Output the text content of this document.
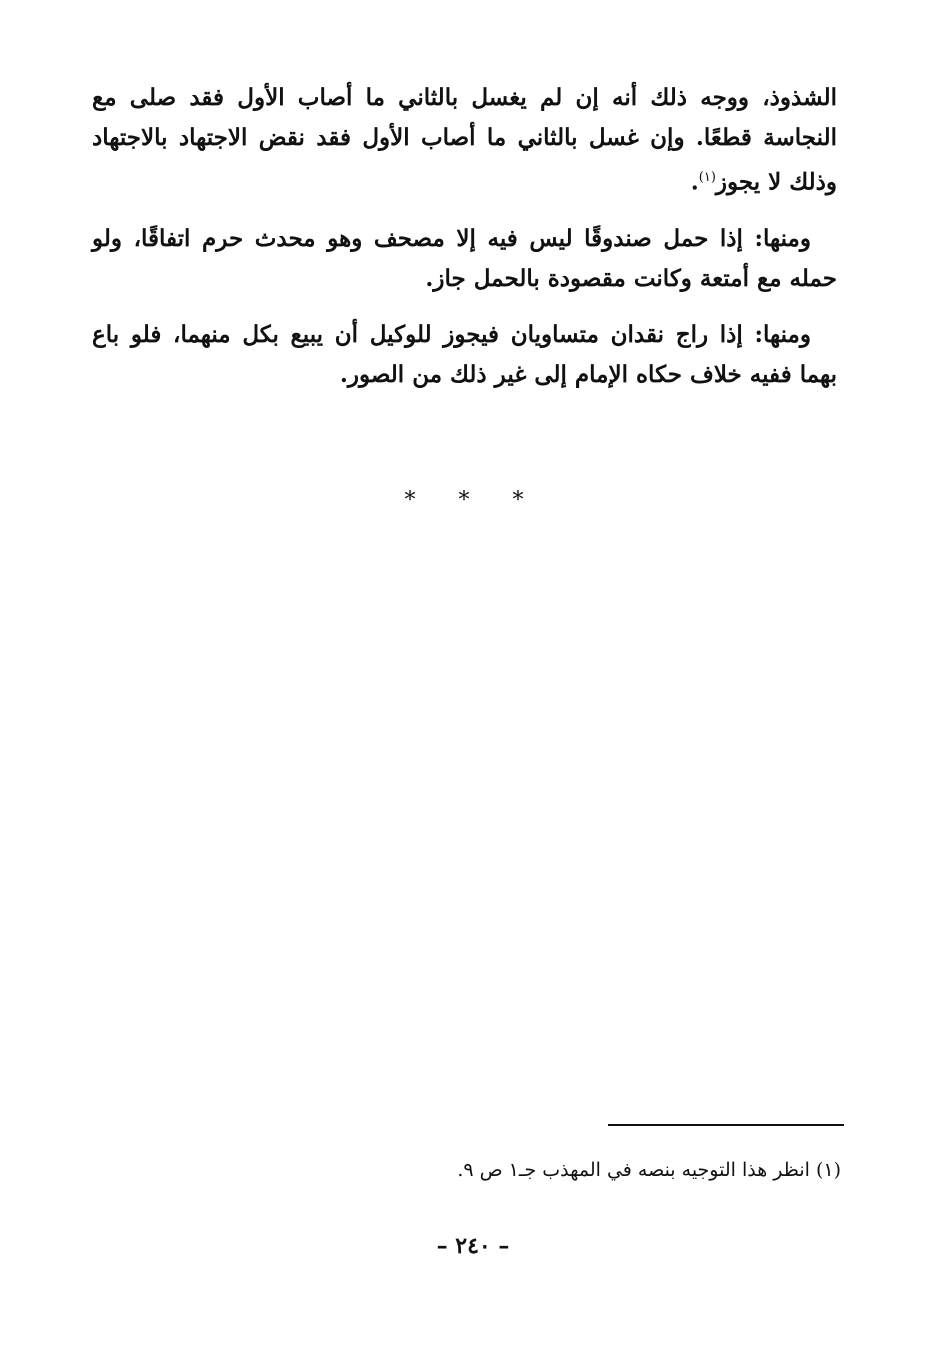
الشذوذ، ووجه ذلك أنه إن لم يغسل بالثاني ما أصاب الأول فقد صلى مع النجاسة قطعًا. وإن غسل بالثاني ما أصاب الأول فقد نقض الاجتهاد بالاجتهاد وذلك لا يجوز$^{(١)}$.

ومنها: إذا حمل صندوقًا ليس فيه إلا مصحف وهو محدث حرم اتفاقًا، ولو حمله مع أمتعة وكانت مقصودة بالحمل جاز.

ومنها: إذا راج نقدان متساويان فيجوز للوكيل أن يبيع بكل منهما، فلو باع بهما ففيه خلاف حكاه الإمام إلى غير ذلك من الصور.

* * *
(١) انظر هذا التوجيه بنصه في المهذب جـ١ ص ٩.
– ٢٤٠ –
